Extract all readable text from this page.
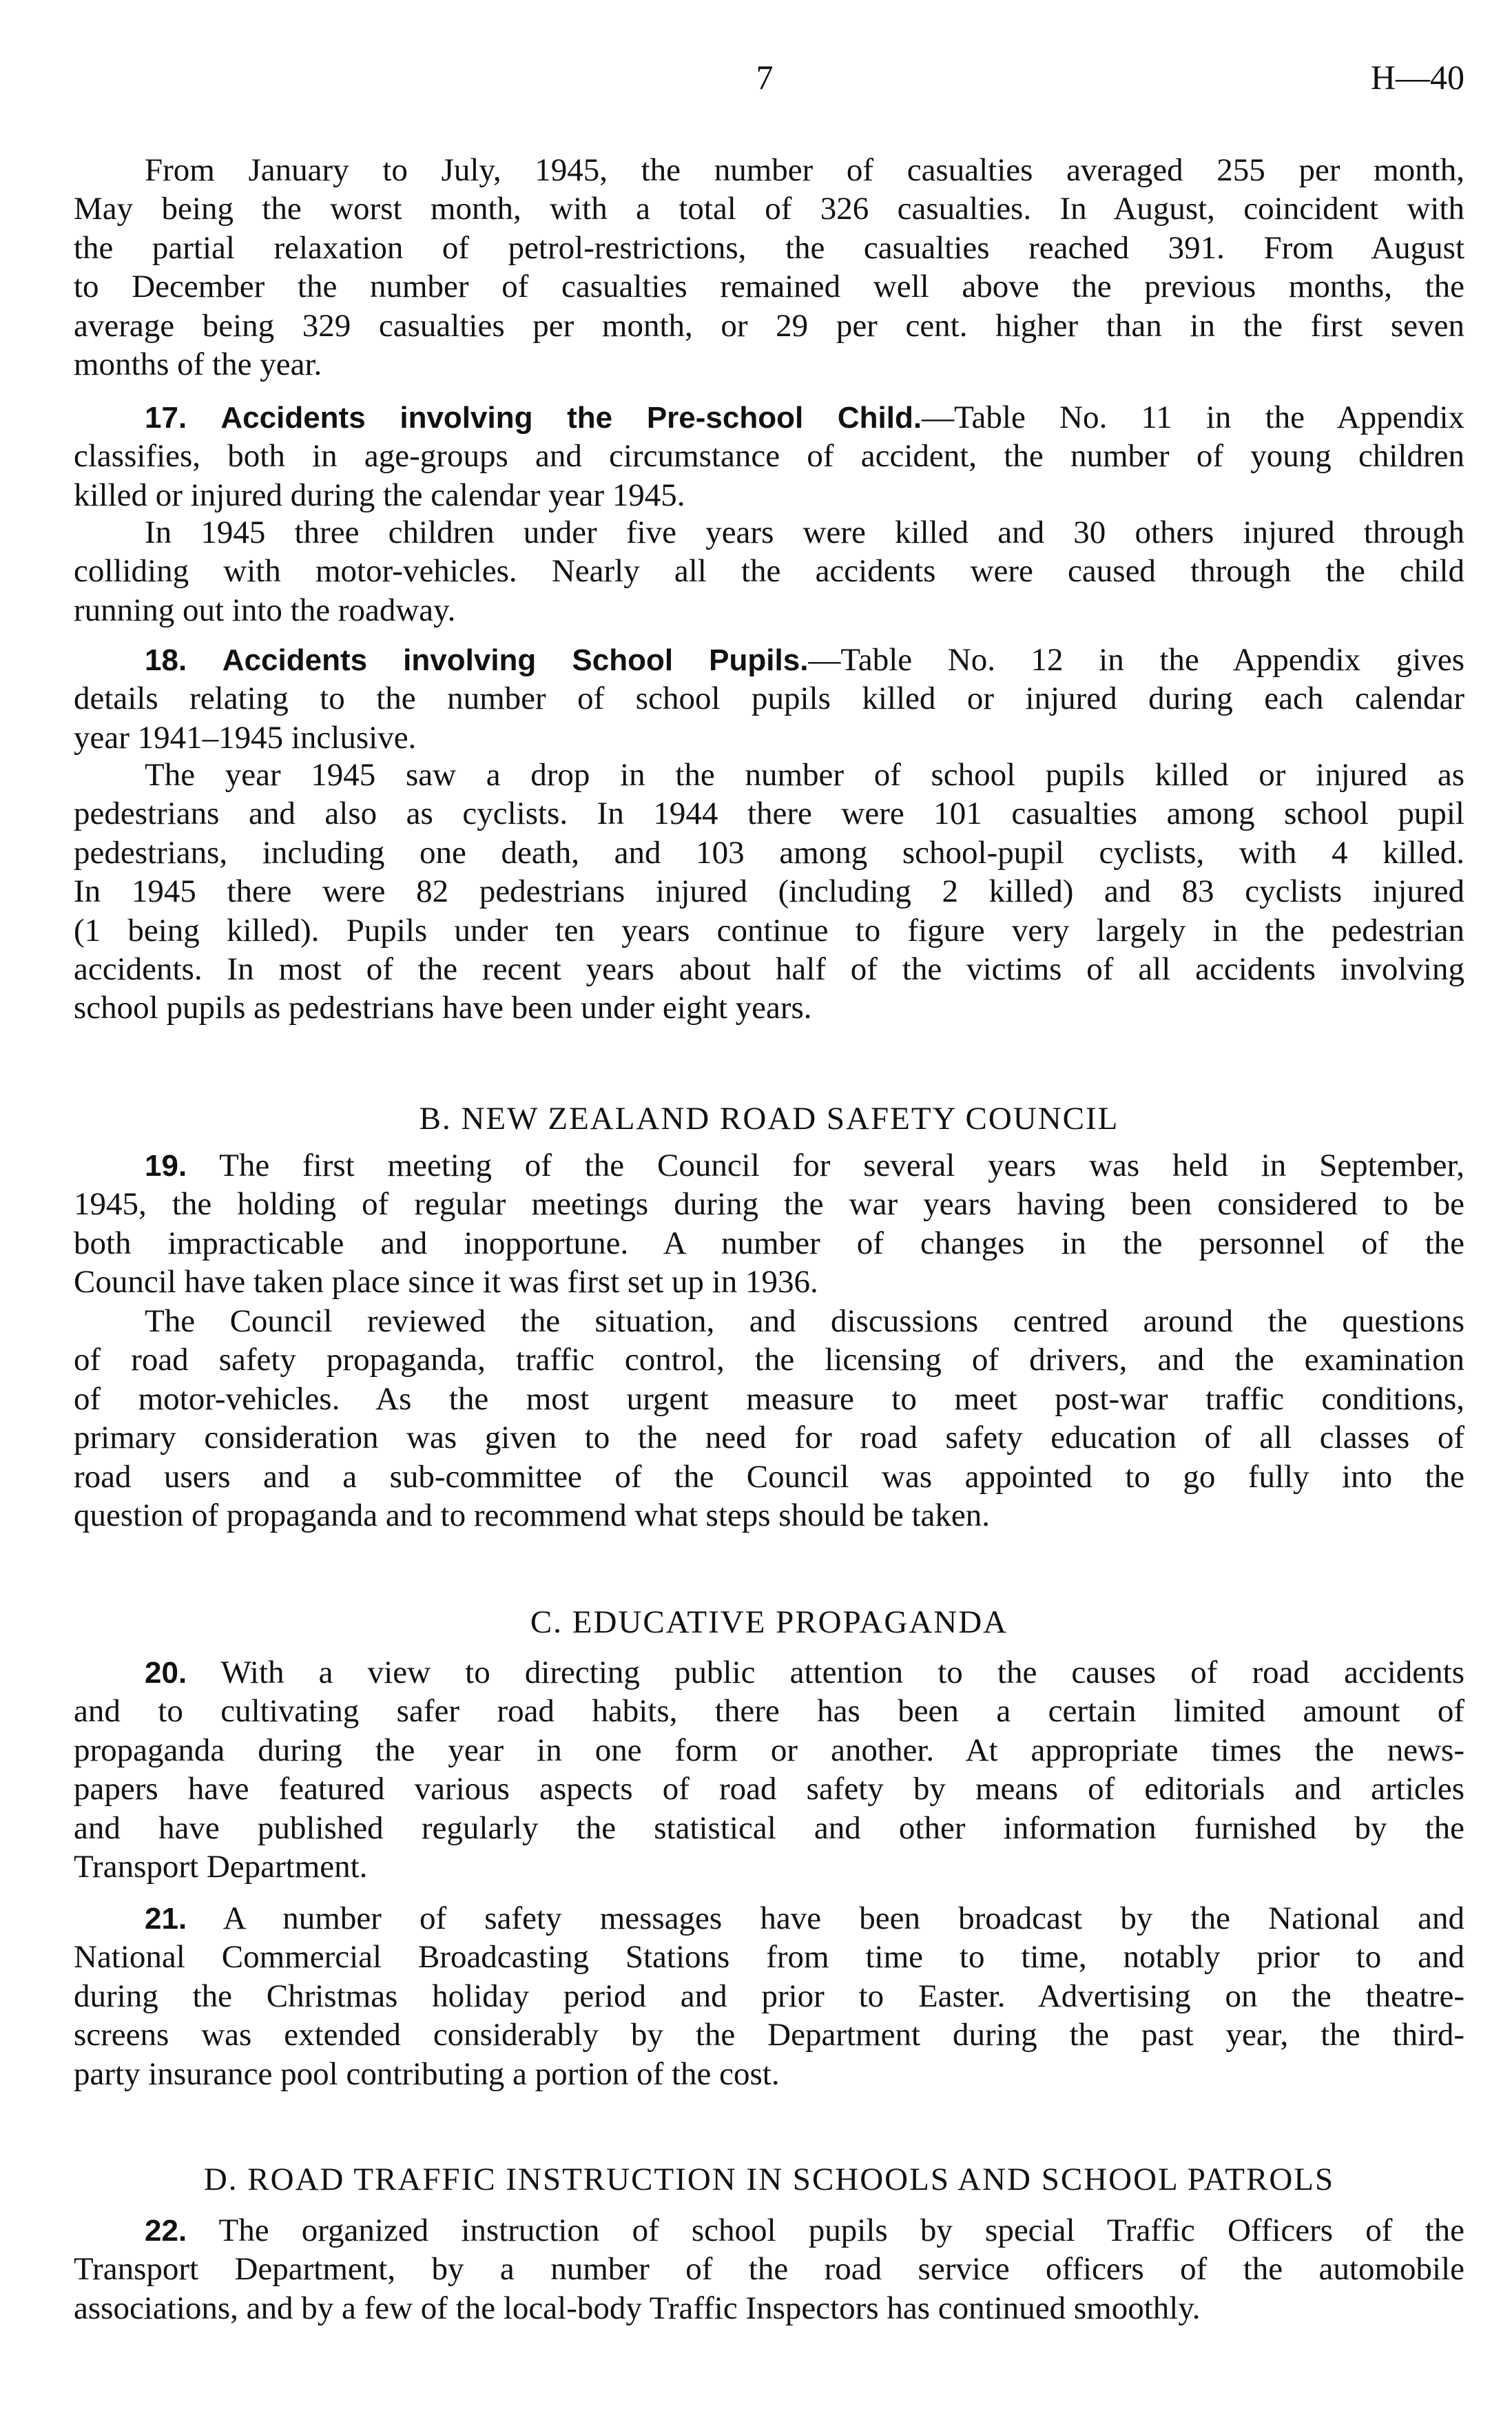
7	H—40
From January to July, 1945, the number of casualties averaged 255 per month,
May being the worst month, with a total of 326 casualties. In August, coincident with
the partial relaxation of petrol-restrictions, the casualties reached 391. From August
to December the number of casualties remained well above the previous months, the
average being 329 casualties per month, or 29 per cent. higher than in the first seven
months of the year.
17. Accidents involving the Pre-school Child.—Table No. 11 in the Appendix
classifies, both in age-groups and circumstance of accident, the number of young children
killed or injured during the calendar year 1945.
In 1945 three children under five years were killed and 30 others injured through
colliding with motor-vehicles. Nearly all the accidents were caused through the child
running out into the roadway.
18. Accidents involving School Pupils.—Table No. 12 in the Appendix gives
details relating to the number of school pupils killed or injured during each calendar
year 1941–1945 inclusive.
The year 1945 saw a drop in the number of school pupils killed or injured as
pedestrians and also as cyclists. In 1944 there were 101 casualties among school pupil
pedestrians, including one death, and 103 among school-pupil cyclists, with 4 killed.
In 1945 there were 82 pedestrians injured (including 2 killed) and 83 cyclists injured
(1 being killed). Pupils under ten years continue to figure very largely in the pedestrian
accidents. In most of the recent years about half of the victims of all accidents involving
school pupils as pedestrians have been under eight years.
B. NEW ZEALAND ROAD SAFETY COUNCIL
19. The first meeting of the Council for several years was held in September,
1945, the holding of regular meetings during the war years having been considered to be
both impracticable and inopportune. A number of changes in the personnel of the
Council have taken place since it was first set up in 1936.
The Council reviewed the situation, and discussions centred around the questions
of road safety propaganda, traffic control, the licensing of drivers, and the examination
of motor-vehicles. As the most urgent measure to meet post-war traffic conditions,
primary consideration was given to the need for road safety education of all classes of
road users and a sub-committee of the Council was appointed to go fully into the
question of propaganda and to recommend what steps should be taken.
C. EDUCATIVE PROPAGANDA
20. With a view to directing public attention to the causes of road accidents
and to cultivating safer road habits, there has been a certain limited amount of
propaganda during the year in one form or another. At appropriate times the news-
papers have featured various aspects of road safety by means of editorials and articles
and have published regularly the statistical and other information furnished by the
Transport Department.
21. A number of safety messages have been broadcast by the National and
National Commercial Broadcasting Stations from time to time, notably prior to and
during the Christmas holiday period and prior to Easter. Advertising on the theatre-
screens was extended considerably by the Department during the past year, the third-
party insurance pool contributing a portion of the cost.
D. ROAD TRAFFIC INSTRUCTION IN SCHOOLS AND SCHOOL PATROLS
22. The organized instruction of school pupils by special Traffic Officers of the
Transport Department, by a number of the road service officers of the automobile
associations, and by a few of the local-body Traffic Inspectors has continued smoothly.
